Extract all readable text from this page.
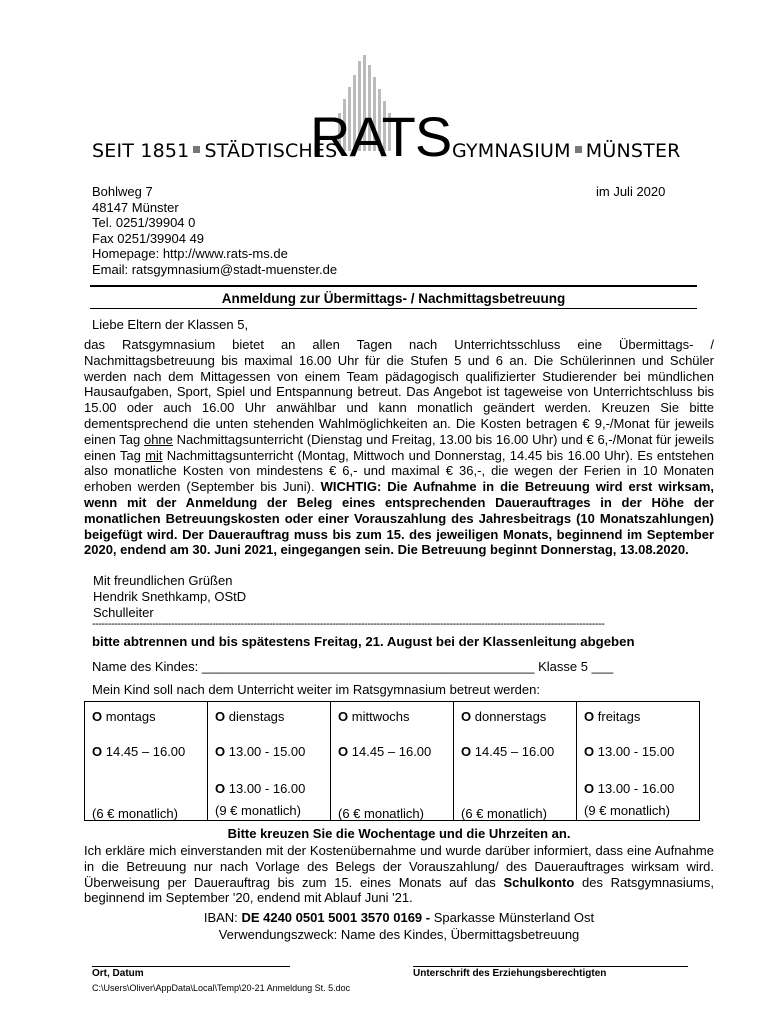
SEIT 1851 STÄDTISCHES
RATS GYMNASIUM MÜNSTER
Bohlweg 7
48147 Münster
Tel. 0251/39904 0
Fax 0251/39904 49
Homepage: http://www.rats-ms.de
Email: ratsgymnasium@stadt-muenster.de
im Juli 2020
Anmeldung zur Übermittags- / Nachmittagsbetreuung
Liebe Eltern der Klassen 5,
das Ratsgymnasium bietet an allen Tagen nach Unterrichtsschluss eine Übermittags- / Nachmittagsbetreuung bis maximal 16.00 Uhr für die Stufen 5 und 6 an. Die Schülerinnen und Schüler werden nach dem Mittagessen von einem Team pädagogisch qualifizierter Studierender bei mündlichen Hausaufgaben, Sport, Spiel und Entspannung betreut. Das Angebot ist tageweise von Unterrichtschluss bis 15.00 oder auch 16.00 Uhr anwählbar und kann monatlich geändert werden. Kreuzen Sie bitte dementsprechend die unten stehenden Wahlmöglichkeiten an. Die Kosten betragen € 9,-/Monat für jeweils einen Tag ohne Nachmittagsunterricht (Dienstag und Freitag, 13.00 bis 16.00 Uhr) und € 6,-/Monat für jeweils einen Tag mit Nachmittagsunterricht (Montag, Mittwoch und Donnerstag, 14.45 bis 16.00 Uhr). Es entstehen also monatliche Kosten von mindestens € 6,- und maximal € 36,-, die wegen der Ferien in 10 Monaten erhoben werden (September bis Juni). WICHTIG: Die Aufnahme in die Betreuung wird erst wirksam, wenn mit der Anmeldung der Beleg eines entsprechenden Dauerauftrages in der Höhe der monatlichen Betreuungskosten oder einer Vorauszahlung des Jahresbeitrags (10 Monatszahlungen) beigefügt wird. Der Dauerauftrag muss bis zum 15. des jeweiligen Monats, beginnend im September 2020, endend am 30. Juni 2021, eingegangen sein. Die Betreuung beginnt Donnerstag, 13.08.2020.
Mit freundlichen Grüßen
Hendrik Snethkamp, OStD
Schulleiter
------------------------------------------------------------------------------------------------------------------------------------------------------------------
bitte abtrennen und bis spätestens Freitag, 21. August bei der Klassenleitung abgeben
Name des Kindes: ______________________________________________ Klasse 5 ___
Mein Kind soll nach dem Unterricht weiter im Ratsgymnasium betreut werden:
O montags
O 14.45 – 16.00
(6 € monatlich)

O dienstags
O 13.00 - 15.00
O 13.00 - 16.00
(9 € monatlich)

O mittwochs
O 14.45 – 16.00
(6 € monatlich)

O donnerstags
O 14.45 – 16.00
(6 € monatlich)

O freitags
O 13.00 - 15.00
O 13.00 - 16.00
(9 € monatlich)
Bitte kreuzen Sie die Wochentage und die Uhrzeiten an.
Ich erkläre mich einverstanden mit der Kostenübernahme und wurde darüber informiert, dass eine Aufnahme in die Betreuung nur nach Vorlage des Belegs der Vorauszahlung/ des Dauerauftrages wirksam wird. Überweisung per Dauerauftrag bis zum 15. eines Monats auf das Schulkonto des Ratsgymnasiums, beginnend im September '20, endend mit Ablauf Juni '21.
IBAN: DE 4240 0501 5001 3570 0169 - Sparkasse Münsterland Ost
Verwendungszweck: Name des Kindes, Übermittagsbetreuung
Ort, Datum	Unterschrift des Erziehungsberechtigten
C:\Users\Oliver\AppData\Local\Temp\20-21 Anmeldung St. 5.doc
